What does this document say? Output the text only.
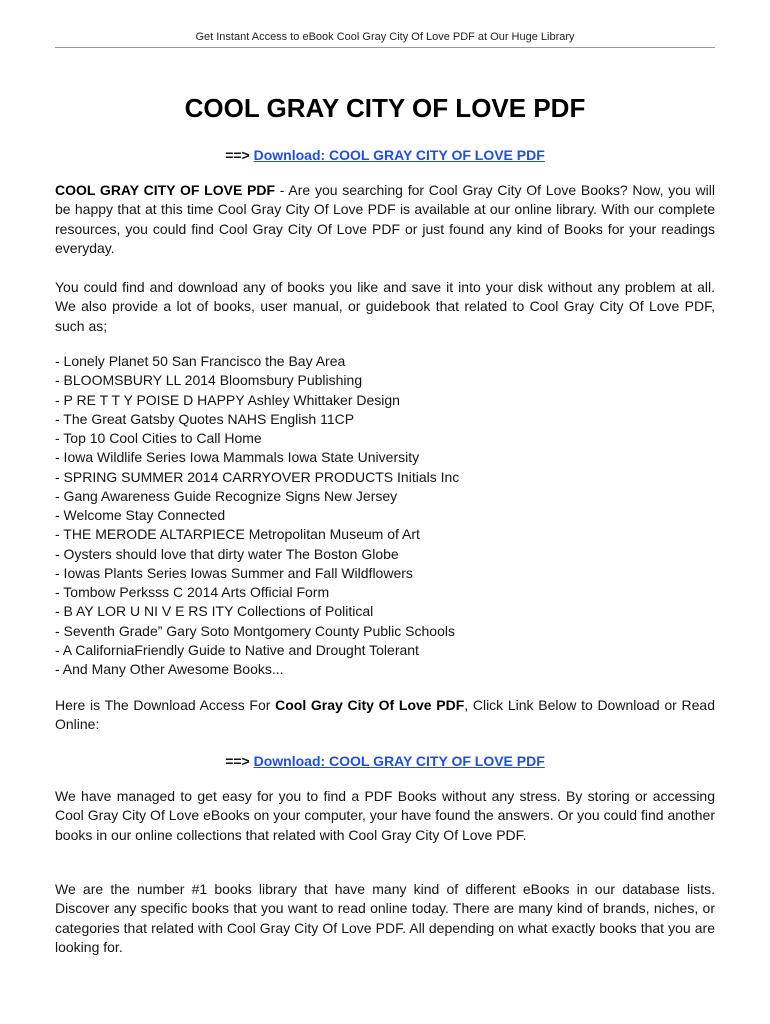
Get Instant Access to eBook Cool Gray City Of Love PDF at Our Huge Library
COOL GRAY CITY OF LOVE PDF
==> Download: COOL GRAY CITY OF LOVE PDF

COOL GRAY CITY OF LOVE PDF - Are you searching for Cool Gray City Of Love Books? Now, you will be happy that at this time Cool Gray City Of Love PDF is available at our online library. With our complete resources, you could find Cool Gray City Of Love PDF or just found any kind of Books for your readings everyday.

You could find and download any of books you like and save it into your disk without any problem at all. We also provide a lot of books, user manual, or guidebook that related to Cool Gray City Of Love PDF, such as;

- Lonely Planet 50 San Francisco the Bay Area
- BLOOMSBURY LL 2014 Bloomsbury Publishing
- P RE T T Y POISE D HAPPY Ashley Whittaker Design
- The Great Gatsby Quotes NAHS English 11CP
- Top 10 Cool Cities to Call Home
- Iowa Wildlife Series Iowa Mammals Iowa State University
- SPRING SUMMER 2014 CARRYOVER PRODUCTS Initials Inc
- Gang Awareness Guide Recognize Signs New Jersey
- Welcome Stay Connected
- THE MERODE ALTARPIECE Metropolitan Museum of Art
- Oysters should love that dirty water The Boston Globe
- Iowas Plants Series Iowas Summer and Fall Wildflowers
- Tombow Perksss C 2014 Arts Official Form
- B AY LOR U NI V E RS ITY Collections of Political
- Seventh Grade” Gary Soto Montgomery County Public Schools
- A CaliforniaFriendly Guide to Native and Drought Tolerant
- And Many Other Awesome Books...

Here is The Download Access For Cool Gray City Of Love PDF, Click Link Below to Download or Read Online:

==> Download: COOL GRAY CITY OF LOVE PDF

We have managed to get easy for you to find a PDF Books without any stress. By storing or accessing Cool Gray City Of Love eBooks on your computer, your have found the answers. Or you could find another books in our online collections that related with Cool Gray City Of Love PDF.

We are the number #1 books library that have many kind of different eBooks in our database lists. Discover any specific books that you want to read online today. There are many kind of brands, niches, or categories that related with Cool Gray City Of Love PDF. All depending on what exactly books that you are looking for.
